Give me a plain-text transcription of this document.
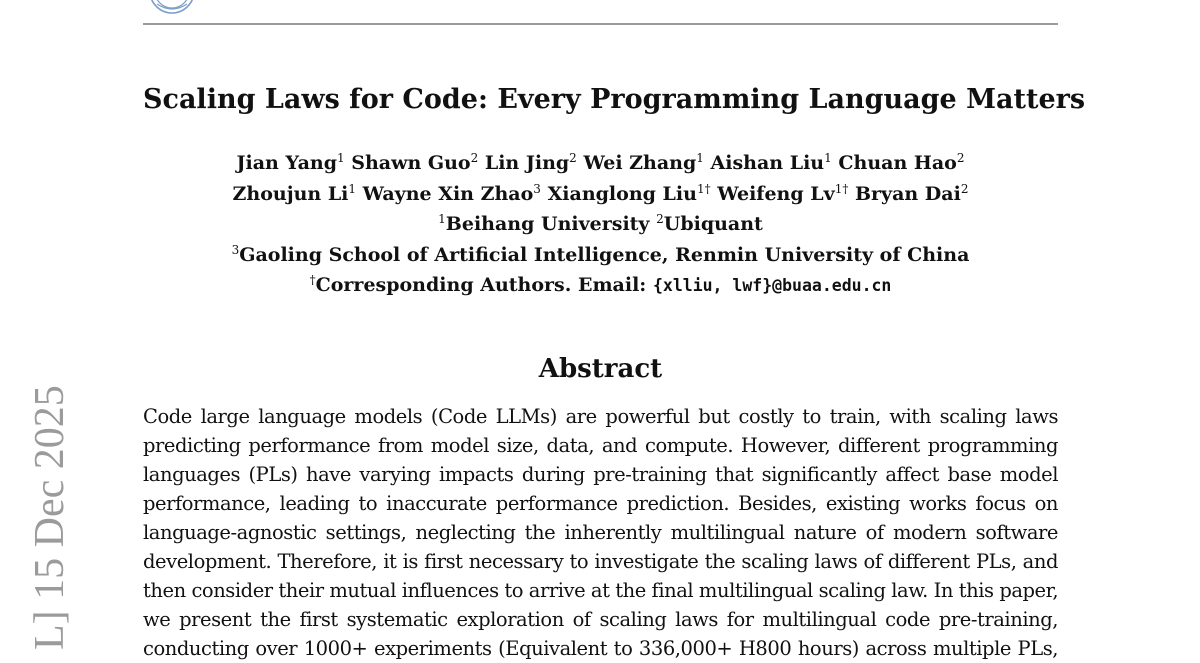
L] 15 Dec 2025
Scaling Laws for Code: Every Programming Language Matters
Jian Yang$^1$ Shawn Guo$^2$ Lin Jing$^2$ Wei Zhang$^1$ Aishan Liu$^1$ Chuan Hao$^2$
Zhoujun Li$^1$ Wayne Xin Zhao$^3$ Xianglong Liu$^{1\dagger}$ Weifeng $Lv^{1\dagger}$ Bryan Dai$^2$
$^1$Beihang University $^2$Ubiquant
$^3$Gaoling School of Artificial Intelligence, Renmin University of China
†Corresponding Authors. Email: {xlliu, lwf}@buaa.edu.cn
Abstract
Code large language models (Code LLMs) are powerful but costly to train, with scaling laws
predicting performance from model size, data, and compute. However, different programming
languages (PLs) have varying impacts during pre-training that significantly affect base model
performance, leading to inaccurate performance prediction. Besides, existing works focus on
language-agnostic settings, neglecting the inherently multilingual nature of modern software
development. Therefore, it is first necessary to investigate the scaling laws of different PLs, and
then consider their mutual influences to arrive at the final multilingual scaling law. In this paper,
we present the first systematic exploration of scaling laws for multilingual code pre-training,
conducting over 1000+ experiments (Equivalent to 336,000+ H800 hours) across multiple PLs,
